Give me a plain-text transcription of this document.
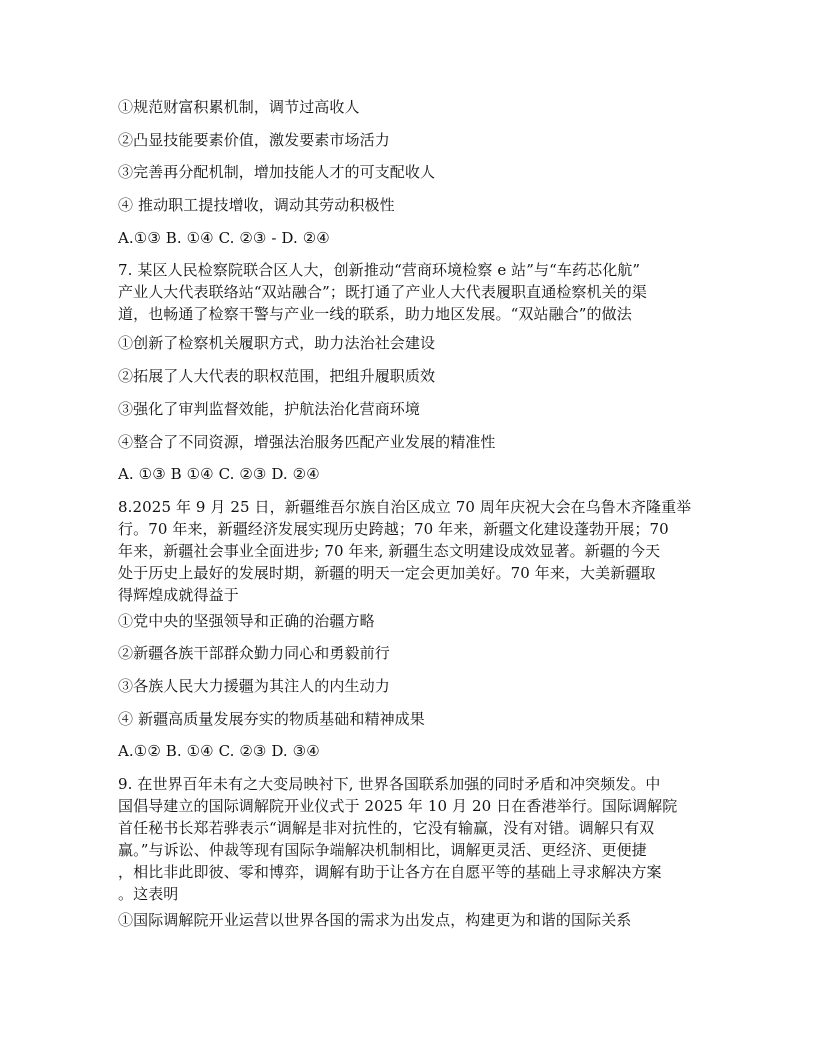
①规范财富积累机制，调节过高收人
②凸显技能要素价值，激发要素市场活力
③完善再分配机制，增加技能人才的可支配收人
④ 推动职工提技增收，调动其劳动积极性
A.①③ B. ①④ C. ②③ - D. ②④
7. 某区人民检察院联合区人大，创新推动“营商环境检察 e 站”与“车药芯化航”
产业人大代表联络站“双站融合”；既打通了产业人大代表履职直通检察机关的渠
道，也畅通了检察干警与产业一线的联系，助力地区发展。“双站融合”的做法
①创新了检察机关履职方式，助力法治社会建设
②拓展了人大代表的职权范围，把组升履职质效
③强化了审判监督效能，护航法治化营商环境
④整合了不同资源，增强法治服务匹配产业发展的精准性
A. ①③ B ①④ C. ②③ D. ②④
8.2025 年 9 月 25 日，新疆维吾尔族自治区成立 70 周年庆祝大会在乌鲁木齐隆重举
行。70 年来，新疆经济发展实现历史跨越；70 年来，新疆文化建设蓬勃开展；70
年来，新疆社会事业全面进步; 70 年来, 新疆生态文明建设成效显著。新疆的今天
处于历史上最好的发展时期，新疆的明天一定会更加美好。70 年来，大美新疆取
得辉煌成就得益于
①党中央的坚强领导和正确的治疆方略
②新疆各族干部群众勤力同心和勇毅前行
③各族人民大力援疆为其注人的内生动力
④ 新疆高质量发展夯实的物质基础和精神成果
A.①② B. ①④ C. ②③ D. ③④
9. 在世界百年未有之大变局映衬下, 世界各国联系加强的同时矛盾和冲突频发。中
国倡导建立的国际调解院开业仪式于 2025 年 10 月 20 日在香港举行。国际调解院
首任秘书长郑若骅表示“调解是非对抗性的，它没有输赢，没有对错。调解只有双
赢。”与诉讼、仲裁等现有国际争端解决机制相比，调解更灵活、更经济、更便捷
，相比非此即彼、零和博弈，调解有助于让各方在自愿平等的基础上寻求解决方案
。这表明
①国际调解院开业运营以世界各国的需求为出发点，构建更为和谐的国际关系
